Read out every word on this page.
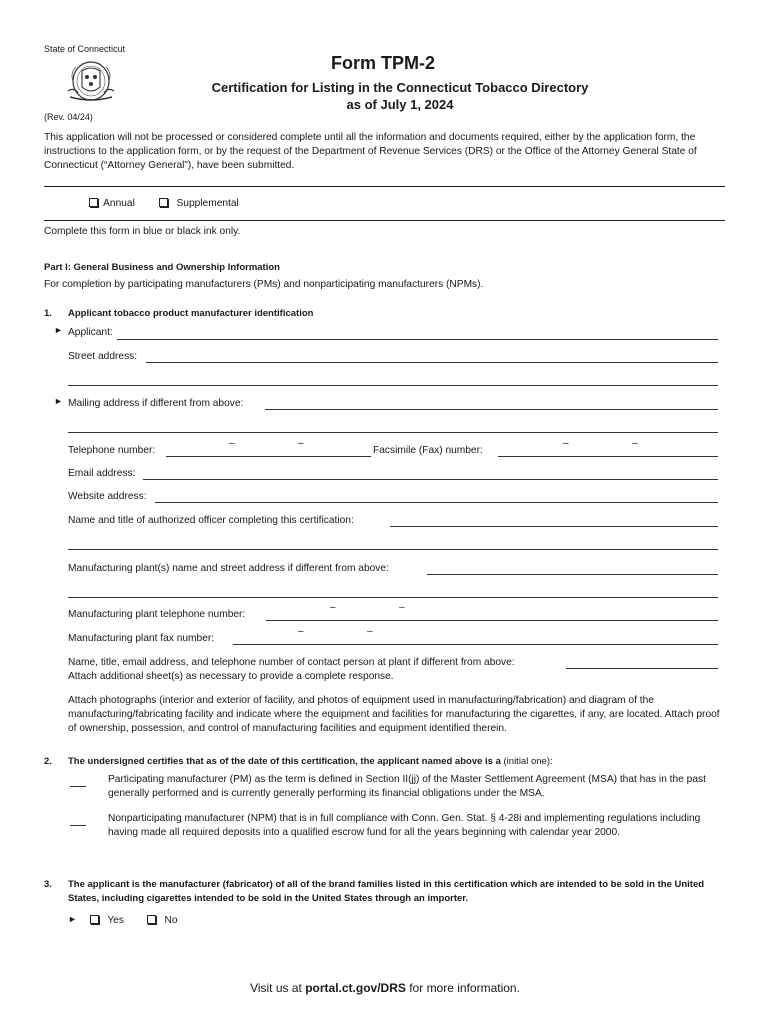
State of Connecticut
Form TPM-2
Certification for Listing in the Connecticut Tobacco Directory
as of July 1, 2024
(Rev. 04/24)
This application will not be processed or considered complete until all the information and documents required, either by the application form, the instructions to the application form, or by the request of the Department of Revenue Services (DRS) or the Office of the Attorney General State of Connecticut (“Attorney General”), have been submitted.
Annual	Supplemental
Complete this form in blue or black ink only.
Part I: General Business and Ownership Information
For completion by participating manufacturers (PMs) and nonparticipating manufacturers (NPMs).
1. Applicant tobacco product manufacturer identification
► Applicant:
Street address:
► Mailing address if different from above:
Telephone number:
–	–
Facsimile (Fax) number:
–	–
Email address:
Website address:
Name and title of authorized officer completing this certification:
Manufacturing plant(s) name and street address if different from above:
Manufacturing plant telephone number:
–	–
Manufacturing plant fax number:
–	–
Name, title, email address, and telephone number of contact person at plant if different from above:
Attach additional sheet(s) as necessary to provide a complete response.
Attach photographs (interior and exterior of facility, and photos of equipment used in manufacturing/fabrication) and diagram of the manufacturing/fabricating facility and indicate where the equipment and facilities for manufacturing the cigarettes, if any, are located. Attach proof of ownership, possession, and control of manufacturing facilities and equipment identified therein.
2. The undersigned certifies that as of the date of this certification, the applicant named above is a (initial one):
Participating manufacturer (PM) as the term is defined in Section II(jj) of the Master Settlement Agreement (MSA) that has in the past generally performed and is currently generally performing its financial obligations under the MSA.
Nonparticipating manufacturer (NPM) that is in full compliance with Conn. Gen. Stat. § 4-28i and implementing regulations including having made all required deposits into a qualified escrow fund for all the years beginning with calendar year 2000.
3. The applicant is the manufacturer (fabricator) of all of the brand families listed in this certification which are intended to be sold in the United States, including cigarettes intended to be sold in the United States through an importer.
►	Yes	No
Visit us at portal.ct.gov/DRS for more information.
